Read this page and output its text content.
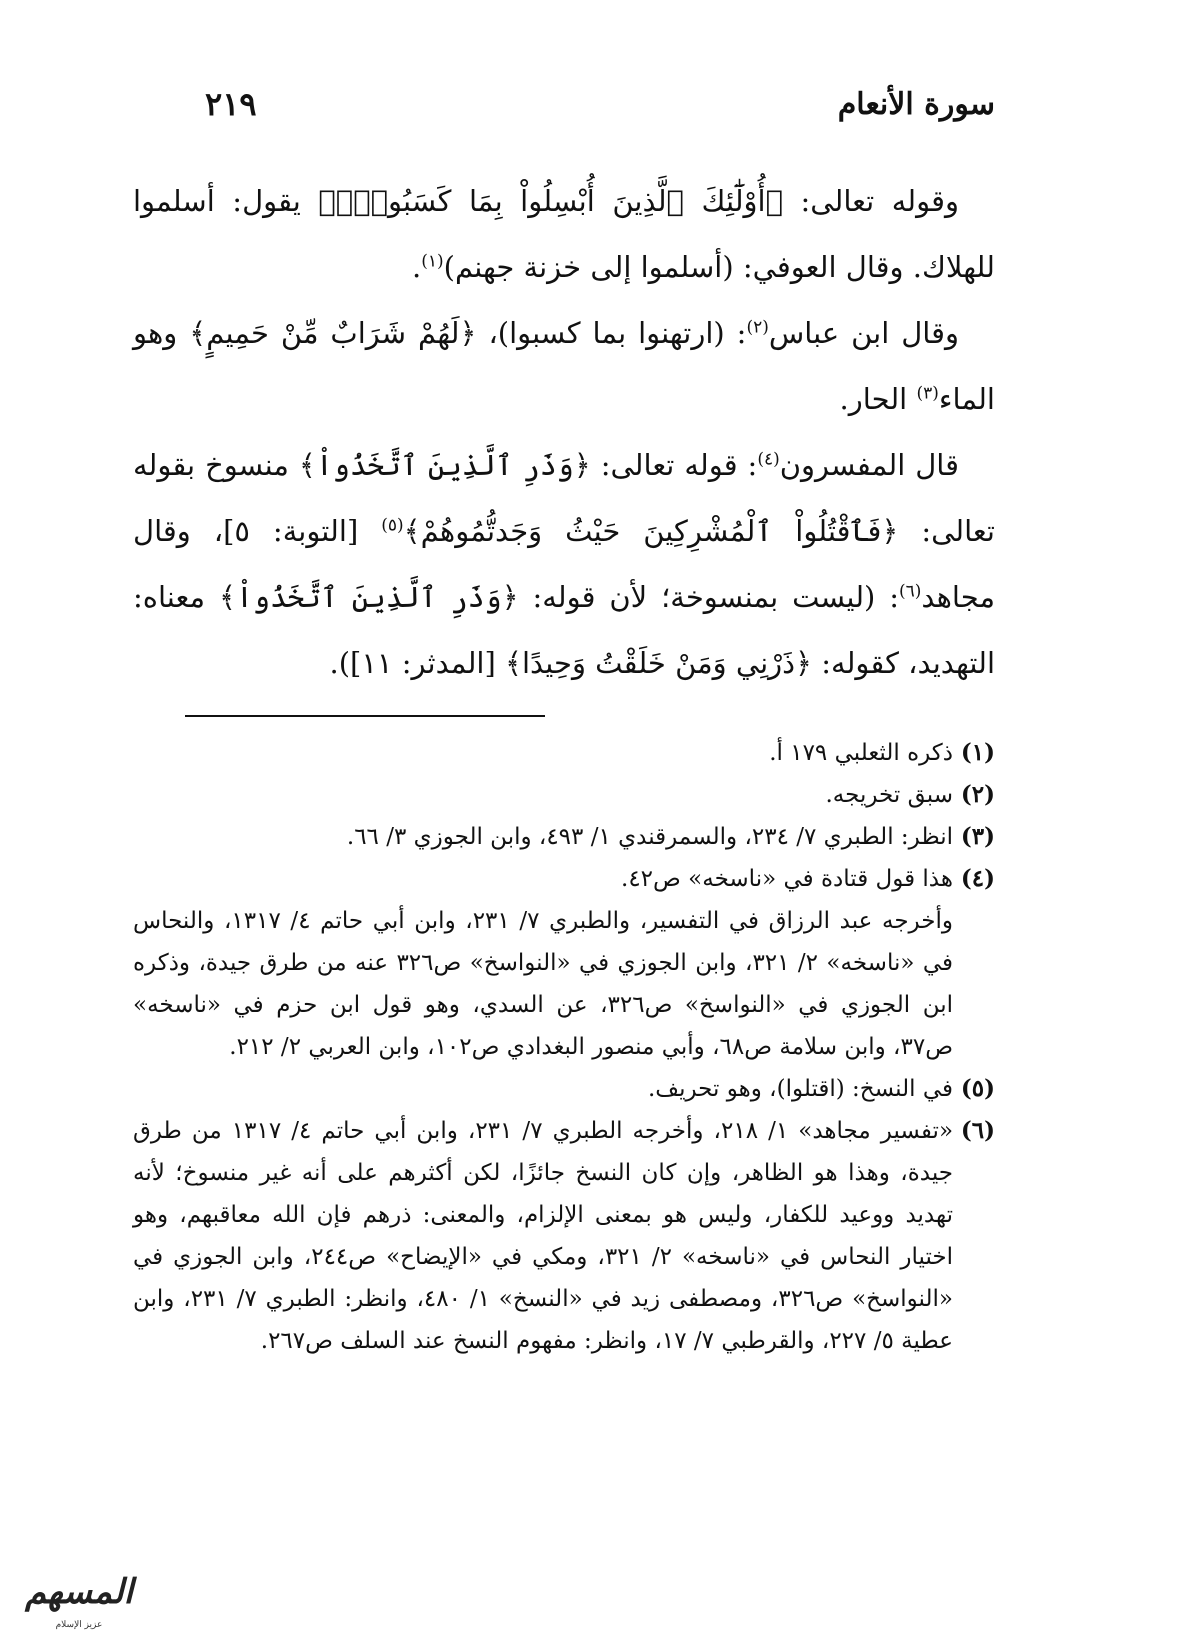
سورة الأنعام
٢١٩

وقوله تعالى: ﴿أُوْلَٰٓئِكَ ٱلَّذِينَ أُبْسِلُواْ بِمَا كَسَبُواْۖ﴾ يقول: أسلموا للهلاك. وقال العوفي: (أسلموا إلى خزنة جهنم)$^{(١)}$.

وقال ابن عباس$^{(٢)}$: (ارتهنوا بما كسبوا)، ﴿لَهُمْ شَرَابٌ مِّنْ حَمِيمٍ﴾ وهو الماء$^{(٣)}$ الحار.

قال المفسرون$^{(٤)}$: قوله تعالى: ﴿وَذَرِ ٱلَّذِينَ ٱتَّخَذُواْ﴾ منسوخ بقوله تعالى: ﴿فَٱقْتُلُواْ ٱلْمُشْرِكِينَ حَيْثُ وَجَدتُّمُوهُمْ﴾$^{(٥)}$ [التوبة: ٥]، وقال مجاهد$^{(٦)}$: (ليست بمنسوخة؛ لأن قوله: ﴿وَذَرِ ٱلَّذِينَ ٱتَّخَذُواْ﴾ معناه: التهديد، كقوله: ﴿ذَرْنِي وَمَنْ خَلَقْتُ وَحِيدًا﴾ [المدثر: ١١]).

(١)
ذكره الثعلبي ١٧٩ أ.
(٢)
سبق تخريجه.
(٣)
انظر: الطبري ٧/ ٢٣٤، والسمرقندي ١/ ٤٩٣، وابن الجوزي ٣/ ٦٦.
(٤)
هذا قول قتادة في «ناسخه» ص٤٢.
وأخرجه عبد الرزاق في التفسير، والطبري ٧/ ٢٣١، وابن أبي حاتم ٤/ ١٣١٧، والنحاس في «ناسخه» ٢/ ٣٢١، وابن الجوزي في «النواسخ» ص٣٢٦ عنه من طرق جيدة، وذكره ابن الجوزي في «النواسخ» ص٣٢٦، عن السدي، وهو قول ابن حزم في «ناسخه» ص٣٧، وابن سلامة ص٦٨، وأبي منصور البغدادي ص١٠٢، وابن العربي ٢/ ٢١٢.
(٥)
في النسخ: (اقتلوا)، وهو تحريف.
(٦)
«تفسير مجاهد» ١/ ٢١٨، وأخرجه الطبري ٧/ ٢٣١، وابن أبي حاتم ٤/ ١٣١٧ من طرق جيدة، وهذا هو الظاهر، وإن كان النسخ جائزًا، لكن أكثرهم على أنه غير منسوخ؛ لأنه تهديد ووعيد للكفار، وليس هو بمعنى الإلزام، والمعنى: ذرهم فإن الله معاقبهم، وهو اختيار النحاس في «ناسخه» ٢/ ٣٢١، ومكي في «الإيضاح» ص٢٤٤، وابن الجوزي في «النواسخ» ص٣٢٦، ومصطفى زيد في «النسخ» ١/ ٤٨٠، وانظر: الطبري ٧/ ٢٣١، وابن عطية ٥/ ٢٢٧، والقرطبي ٧/ ١٧، وانظر: مفهوم النسخ عند السلف ص٢٦٧.
المسهم
عزيز الإسلام
